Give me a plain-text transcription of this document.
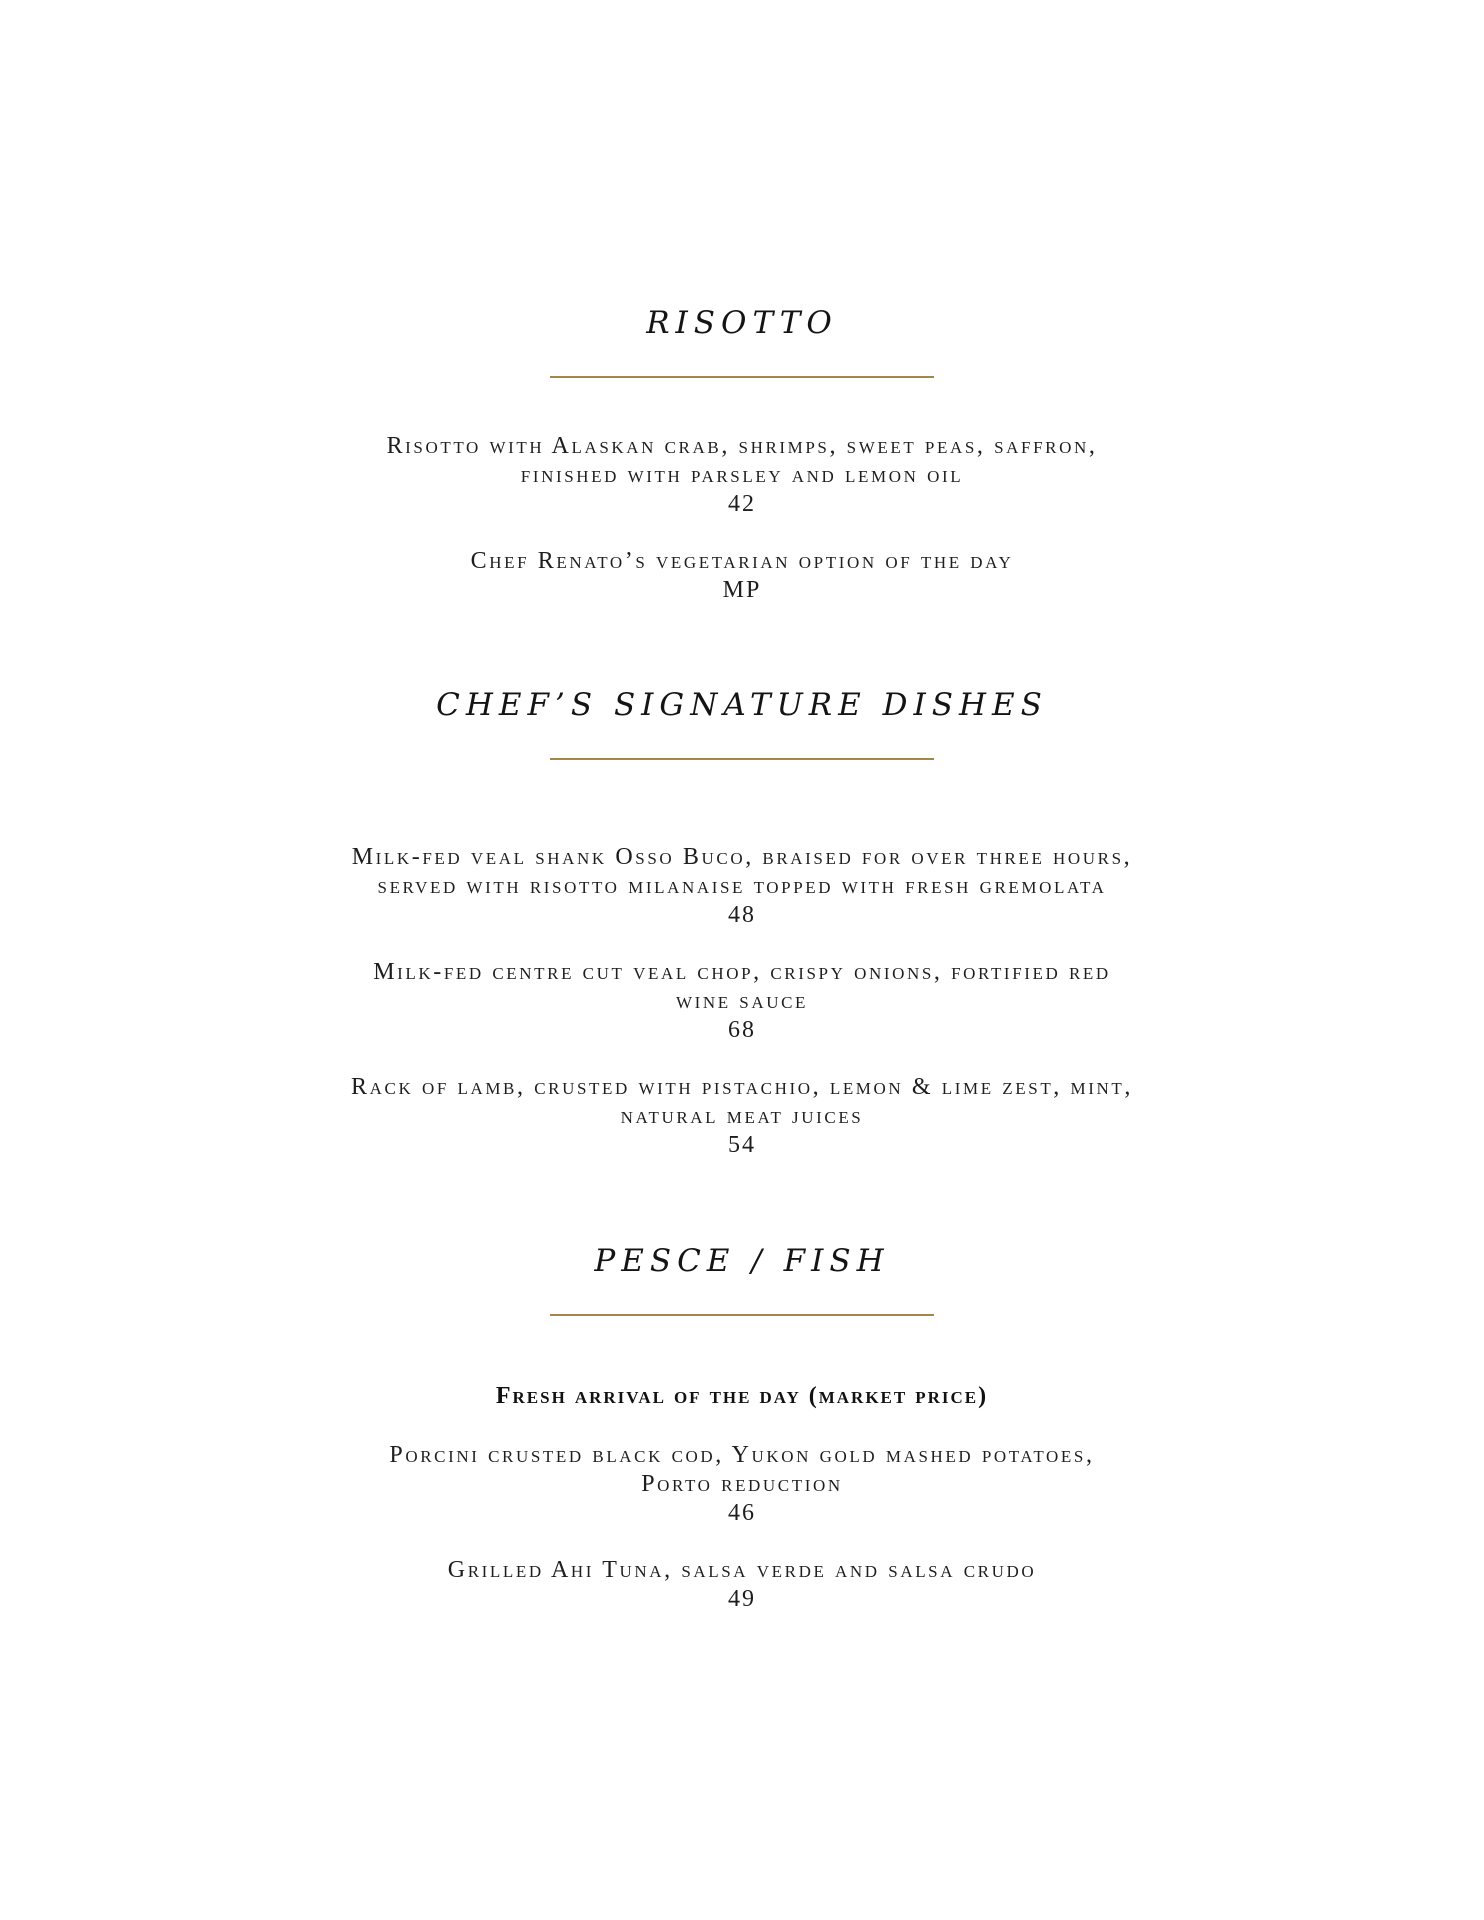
RISOTTO
Risotto with Alaskan crab, shrimps, sweet peas, saffron,
finished with parsley and lemon oil
42
Chef Renato’s vegetarian option of the day
MP
CHEF’S SIGNATURE DISHES
Milk-fed veal shank Osso Buco, braised for over three hours,
served with risotto milanaise topped with fresh gremolata
48
Milk-fed centre cut veal chop, crispy onions, fortified red
wine sauce
68
Rack of lamb, crusted with pistachio, lemon & lime zest, mint,
natural meat juices
54
PESCE / FISH
Fresh arrival of the day (market price)
Porcini crusted black cod, Yukon gold mashed potatoes,
Porto reduction
46
Grilled Ahi Tuna, salsa verde and salsa crudo
49
